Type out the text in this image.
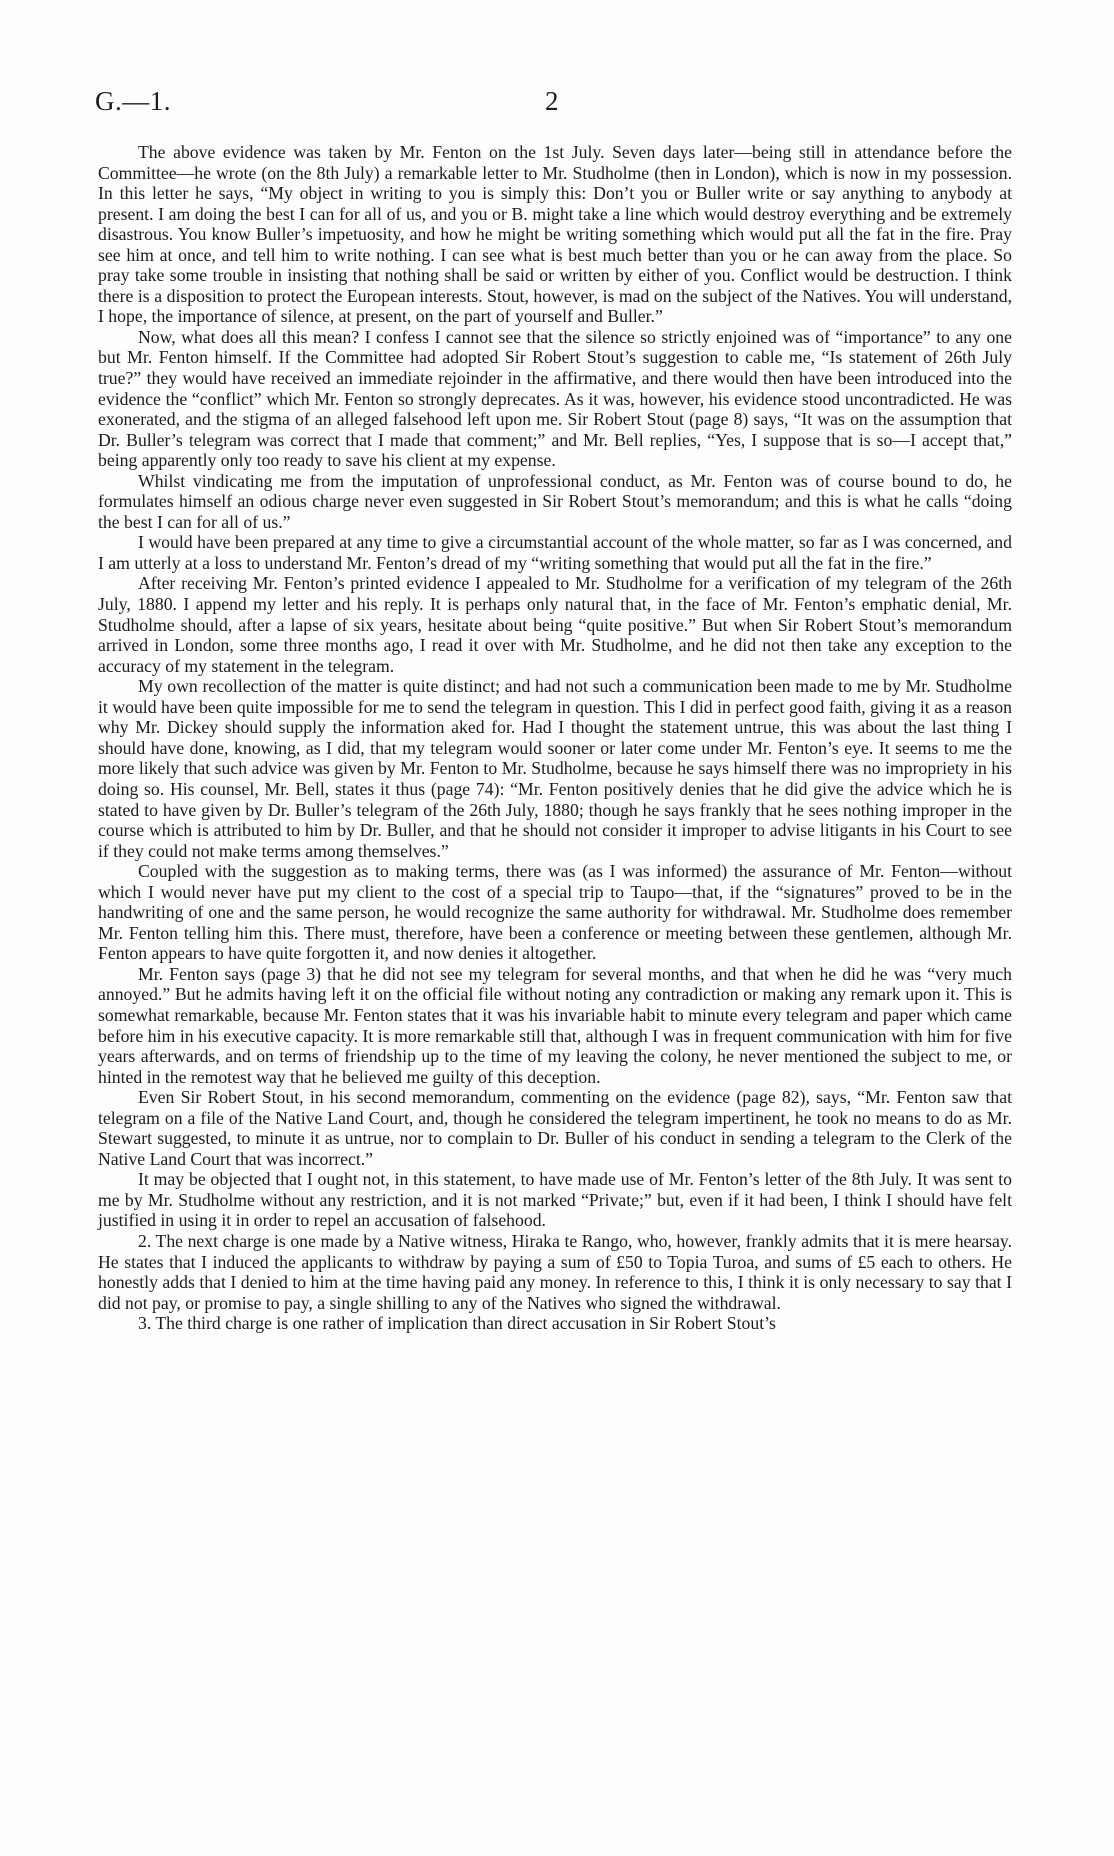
G.—1.	2

The above evidence was taken by Mr. Fenton on the 1st July. Seven days later—being still in attendance before the Committee—he wrote (on the 8th July) a remarkable letter to Mr. Studholme (then in London), which is now in my possession. In this letter he says, “My object in writing to you is simply this: Don’t you or Buller write or say anything to anybody at present. I am doing the best I can for all of us, and you or B. might take a line which would destroy everything and be extremely disastrous. You know Buller’s impetuosity, and how he might be writing something which would put all the fat in the fire. Pray see him at once, and tell him to write nothing. I can see what is best much better than you or he can away from the place. So pray take some trouble in insisting that nothing shall be said or written by either of you. Conflict would be destruction. I think there is a disposition to protect the European interests. Stout, however, is mad on the subject of the Natives. You will understand, I hope, the importance of silence, at present, on the part of yourself and Buller.”

Now, what does all this mean? I confess I cannot see that the silence so strictly enjoined was of “importance” to any one but Mr. Fenton himself. If the Committee had adopted Sir Robert Stout’s suggestion to cable me, “Is statement of 26th July true?” they would have received an immediate rejoinder in the affirmative, and there would then have been introduced into the evidence the “conflict” which Mr. Fenton so strongly deprecates. As it was, however, his evidence stood uncontradicted. He was exonerated, and the stigma of an alleged falsehood left upon me. Sir Robert Stout (page 8) says, “It was on the assumption that Dr. Buller’s telegram was correct that I made that comment;” and Mr. Bell replies, “Yes, I suppose that is so—I accept that,” being apparently only too ready to save his client at my expense.

Whilst vindicating me from the imputation of unprofessional conduct, as Mr. Fenton was of course bound to do, he formulates himself an odious charge never even suggested in Sir Robert Stout’s memorandum; and this is what he calls “doing the best I can for all of us.”

I would have been prepared at any time to give a circumstantial account of the whole matter, so far as I was concerned, and I am utterly at a loss to understand Mr. Fenton’s dread of my “writing something that would put all the fat in the fire.”

After receiving Mr. Fenton’s printed evidence I appealed to Mr. Studholme for a verification of my telegram of the 26th July, 1880. I append my letter and his reply. It is perhaps only natural that, in the face of Mr. Fenton’s emphatic denial, Mr. Studholme should, after a lapse of six years, hesitate about being “quite positive.” But when Sir Robert Stout’s memorandum arrived in London, some three months ago, I read it over with Mr. Studholme, and he did not then take any exception to the accuracy of my statement in the telegram.

My own recollection of the matter is quite distinct; and had not such a communication been made to me by Mr. Studholme it would have been quite impossible for me to send the telegram in question. This I did in perfect good faith, giving it as a reason why Mr. Dickey should supply the information aked for. Had I thought the statement untrue, this was about the last thing I should have done, knowing, as I did, that my telegram would sooner or later come under Mr. Fenton’s eye. It seems to me the more likely that such advice was given by Mr. Fenton to Mr. Studholme, because he says himself there was no impropriety in his doing so. His counsel, Mr. Bell, states it thus (page 74): “Mr. Fenton positively denies that he did give the advice which he is stated to have given by Dr. Buller’s telegram of the 26th July, 1880; though he says frankly that he sees nothing improper in the course which is attributed to him by Dr. Buller, and that he should not consider it improper to advise litigants in his Court to see if they could not make terms among themselves.”

Coupled with the suggestion as to making terms, there was (as I was informed) the assurance of Mr. Fenton—without which I would never have put my client to the cost of a special trip to Taupo—that, if the “signatures” proved to be in the handwriting of one and the same person, he would recognize the same authority for withdrawal. Mr. Studholme does remember Mr. Fenton telling him this. There must, therefore, have been a conference or meeting between these gentlemen, although Mr. Fenton appears to have quite forgotten it, and now denies it altogether.

Mr. Fenton says (page 3) that he did not see my telegram for several months, and that when he did he was “very much annoyed.” But he admits having left it on the official file without noting any contradiction or making any remark upon it. This is somewhat remarkable, because Mr. Fenton states that it was his invariable habit to minute every telegram and paper which came before him in his executive capacity. It is more remarkable still that, although I was in frequent communication with him for five years afterwards, and on terms of friendship up to the time of my leaving the colony, he never mentioned the subject to me, or hinted in the remotest way that he believed me guilty of this deception.

Even Sir Robert Stout, in his second memorandum, commenting on the evidence (page 82), says, “Mr. Fenton saw that telegram on a file of the Native Land Court, and, though he considered the telegram impertinent, he took no means to do as Mr. Stewart suggested, to minute it as untrue, nor to complain to Dr. Buller of his conduct in sending a telegram to the Clerk of the Native Land Court that was incorrect.”

It may be objected that I ought not, in this statement, to have made use of Mr. Fenton’s letter of the 8th July. It was sent to me by Mr. Studholme without any restriction, and it is not marked “Private;” but, even if it had been, I think I should have felt justified in using it in order to repel an accusation of falsehood.

2. The next charge is one made by a Native witness, Hiraka te Rango, who, however, frankly admits that it is mere hearsay. He states that I induced the applicants to withdraw by paying a sum of £50 to Topia Turoa, and sums of £5 each to others. He honestly adds that I denied to him at the time having paid any money. In reference to this, I think it is only necessary to say that I did not pay, or promise to pay, a single shilling to any of the Natives who signed the withdrawal.

3. The third charge is one rather of implication than direct accusation in Sir Robert Stout’s
